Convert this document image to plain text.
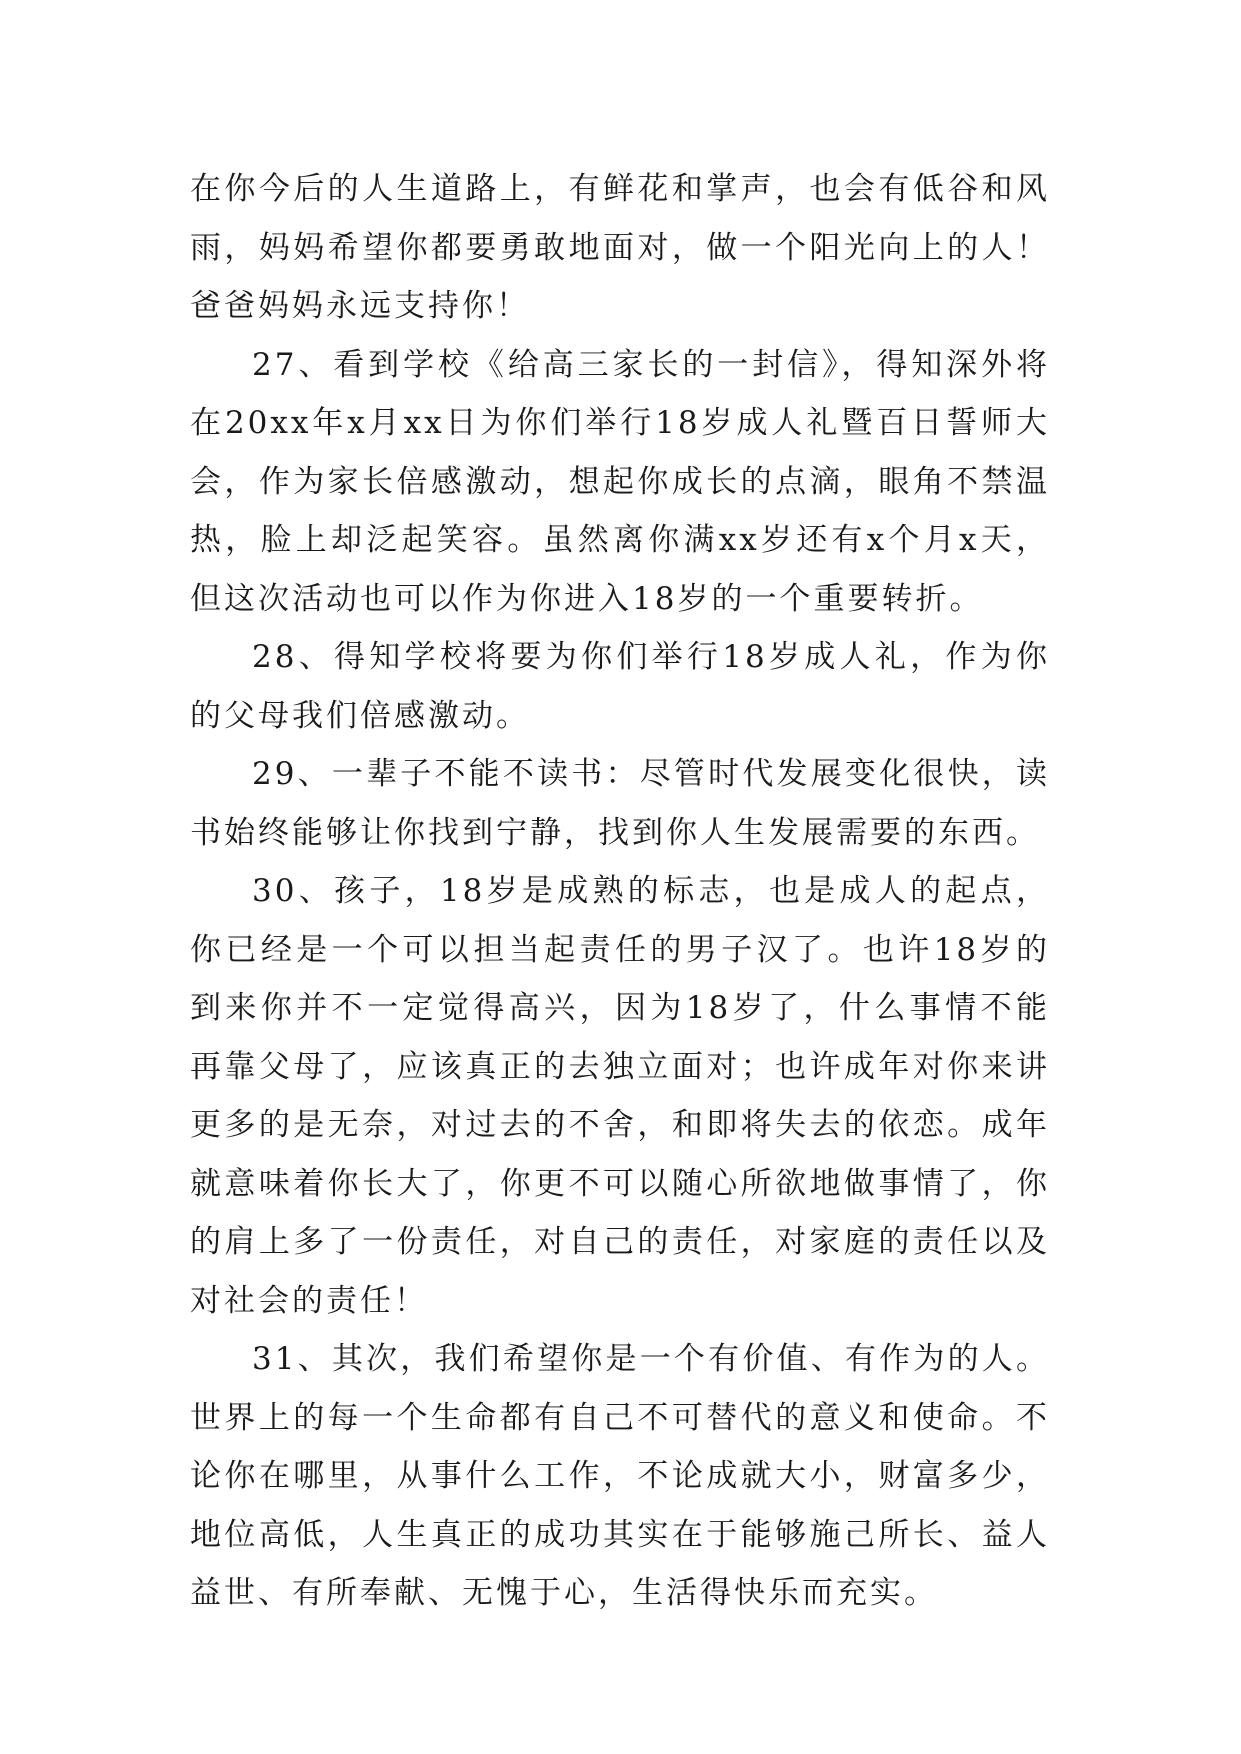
在你今后的人生道路上，有鲜花和掌声，也会有低谷和风雨，妈妈希望你都要勇敢地面对，做一个阳光向上的人！爸爸妈妈永远支持你！

27、看到学校《给高三家长的一封信》，得知深外将在20xx年x月xx日为你们举行18岁成人礼暨百日誓师大会，作为家长倍感激动，想起你成长的点滴，眼角不禁温热，脸上却泛起笑容。虽然离你满xx岁还有x个月x天，但这次活动也可以作为你进入18岁的一个重要转折。

28、得知学校将要为你们举行18岁成人礼，作为你的父母我们倍感激动。

29、一辈子不能不读书：尽管时代发展变化很快，读书始终能够让你找到宁静，找到你人生发展需要的东西。

30、孩子，18岁是成熟的标志，也是成人的起点，你已经是一个可以担当起责任的男子汉了。也许18岁的到来你并不一定觉得高兴，因为18岁了，什么事情不能再靠父母了，应该真正的去独立面对；也许成年对你来讲更多的是无奈，对过去的不舍，和即将失去的依恋。成年就意味着你长大了，你更不可以随心所欲地做事情了，你的肩上多了一份责任，对自己的责任，对家庭的责任以及对社会的责任！

31、其次，我们希望你是一个有价值、有作为的人。世界上的每一个生命都有自己不可替代的意义和使命。不论你在哪里，从事什么工作，不论成就大小，财富多少，地位高低，人生真正的成功其实在于能够施己所长、益人益世、有所奉献、无愧于心，生活得快乐而充实。
